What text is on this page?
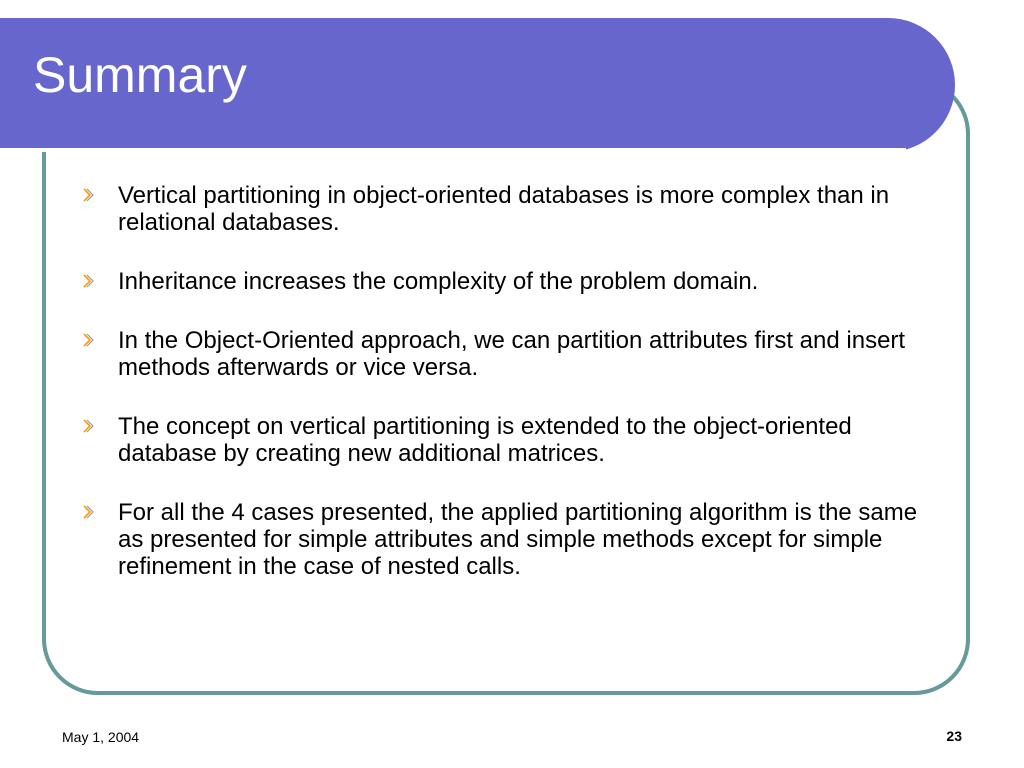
Summary
Vertical partitioning in object-oriented databases is more complex than in relational databases.
Inheritance increases the complexity of the problem domain.
In the Object-Oriented approach, we can partition attributes first and insert methods afterwards or vice versa.
The concept on vertical partitioning is extended to the object-oriented database by creating new additional matrices.
For all the 4 cases presented, the applied partitioning algorithm is the same as presented for simple attributes and simple methods except for simple refinement in the case of nested calls.
May 1, 2004	23
